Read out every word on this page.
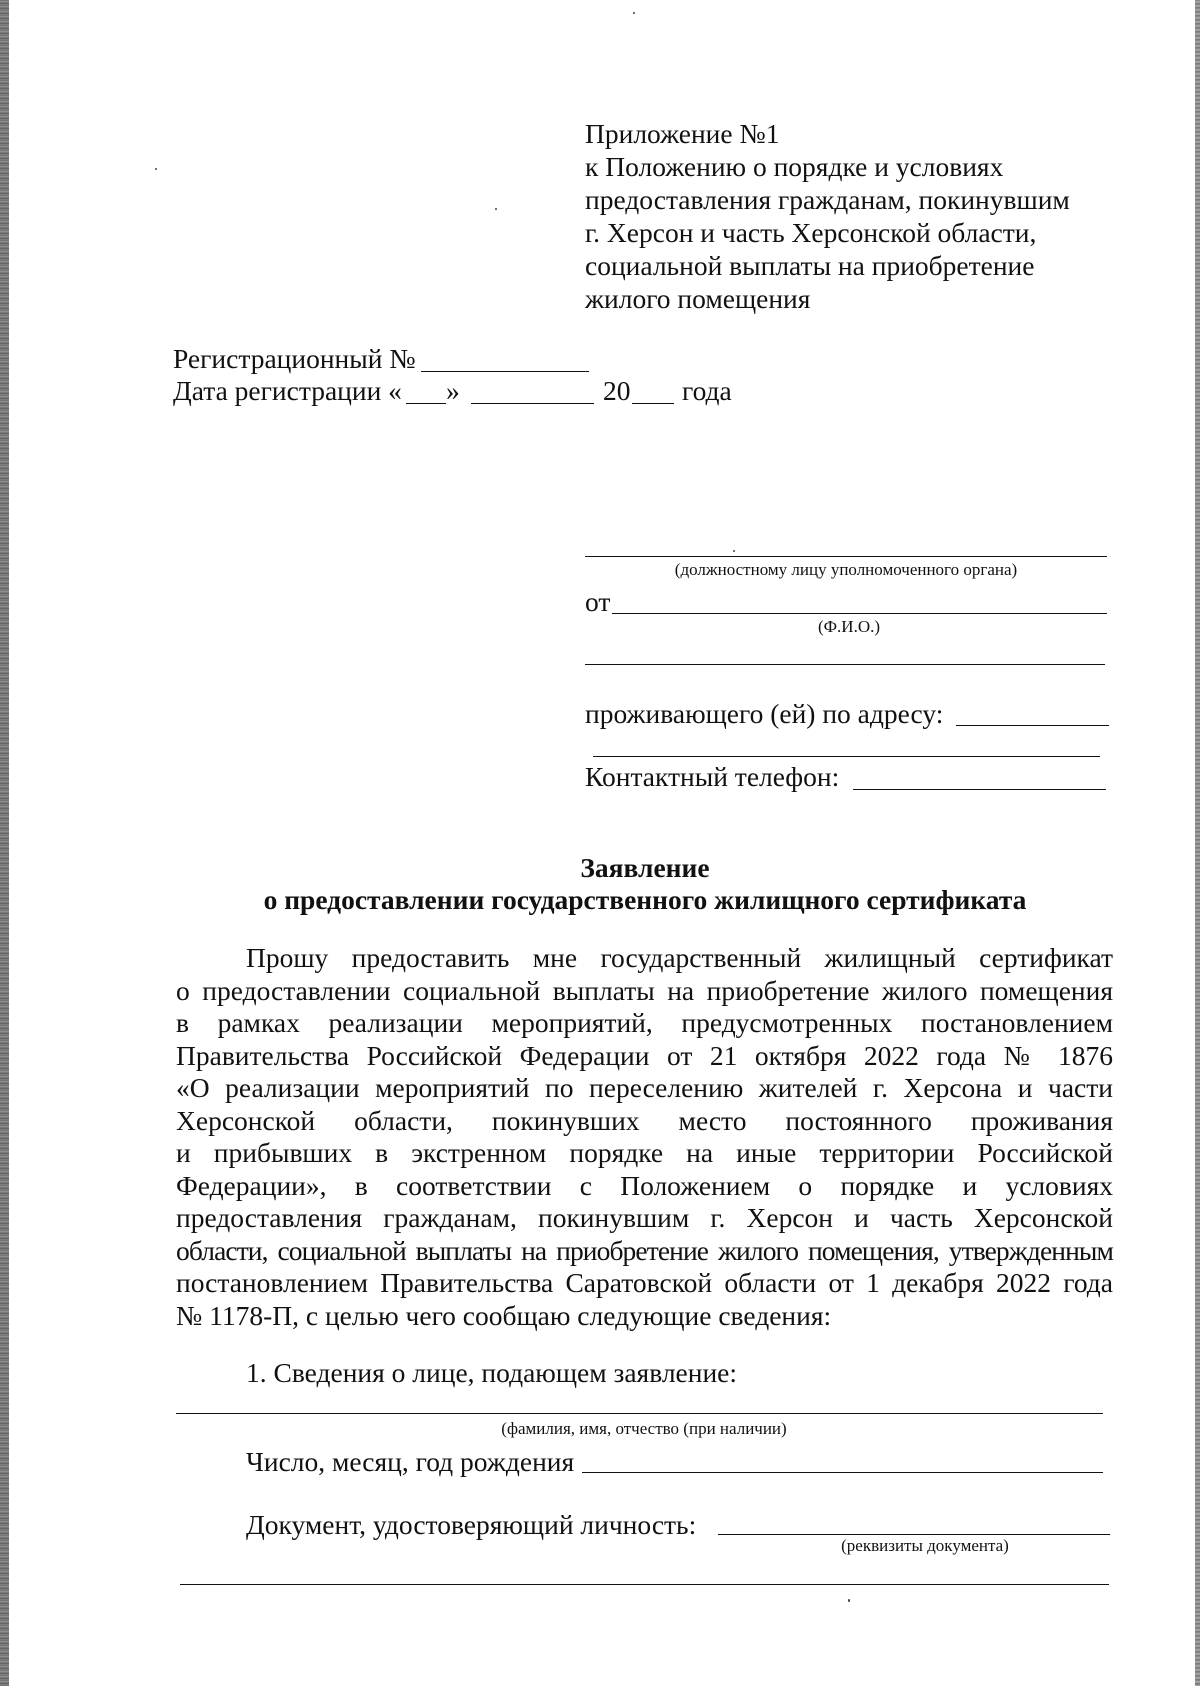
Приложение №1
к Положению о порядке и условиях
предоставления гражданам, покинувшим
г. Херсон и часть Херсонской области,
социальной выплаты на приобретение
жилого помещения
Регистрационный №
Дата регистрации « »	20 года
(должностному лицу уполномоченного органа)
от
(Ф.И.О.)
проживающего (ей) по адресу:
Контактный телефон:
Заявление
о предоставлении государственного жилищного сертификата
Прошу предоставить мне государственный жилищный сертификат
о предоставлении социальной выплаты на приобретение жилого помещения
в рамках реализации мероприятий, предусмотренных постановлением
Правительства Российской Федерации от 21 октября 2022 года № 1876
«О реализации мероприятий по переселению жителей г. Херсона и части
Херсонской области, покинувших место постоянного проживания
и прибывших в экстренном порядке на иные территории Российской
Федерации», в соответствии с Положением о порядке и условиях
предоставления гражданам, покинувшим г. Херсон и часть Херсонской
области, социальной выплаты на приобретение жилого помещения, утвержденным
постановлением Правительства Саратовской области от 1 декабря 2022 года
№ 1178-П, с целью чего сообщаю следующие сведения:
1. Сведения о лице, подающем заявление:
(фамилия, имя, отчество (при наличии)
Число, месяц, год рождения
Документ, удостоверяющий личность:
(реквизиты документа)
